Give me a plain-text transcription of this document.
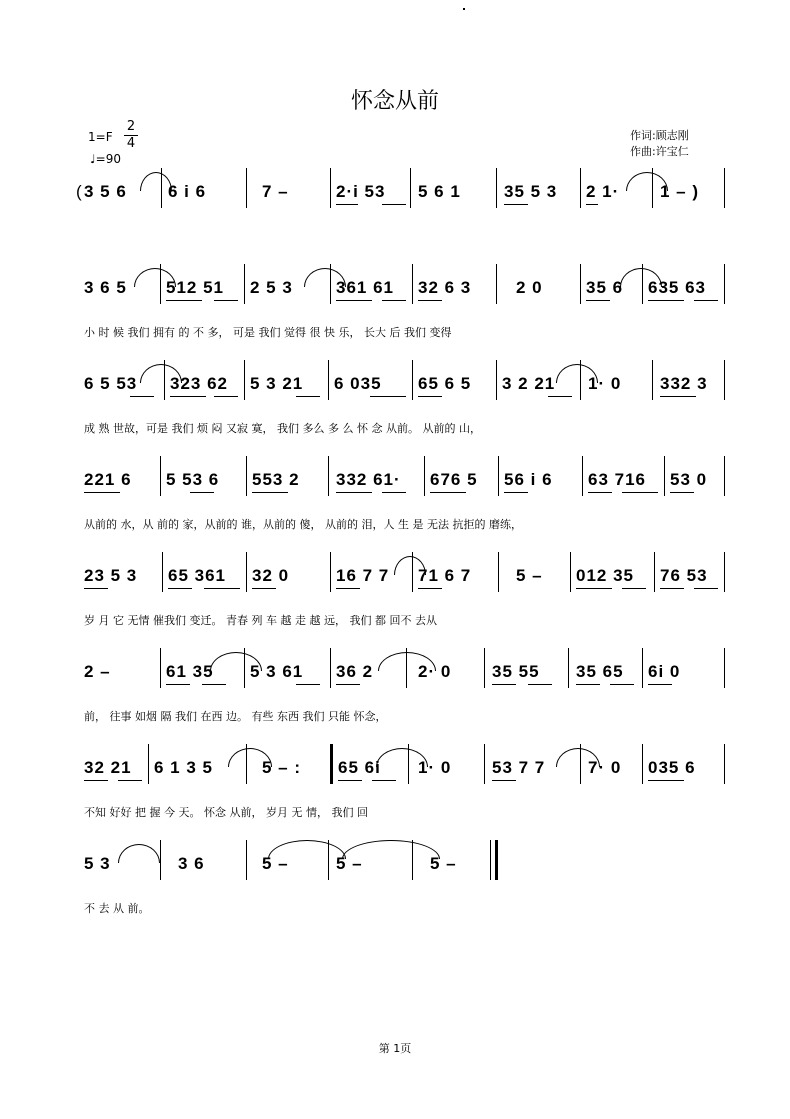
怀念从前
1=F
2
4
♩=90
作词:顾志刚
作曲:许宝仁
( 3 5 6 6 i 6	7 –	2·i 53 5 6 1	35 5 3 2 1· 1 – )
3 6 5 512 51 2 5 3	361 61 32 6 3	2 0	35 6 635 63
小 时 候 我们 拥有 的 不 多， 可是 我们 觉得 很 快 乐， 长大 后 我们 变得
6 5 53 323 62 5 3 21 6 035 65 6 5 3 2 21 1· 0 332 3
成 熟 世故，可是 我们 烦 闷 又寂 寞， 我们 多么 多 么 怀 念 从前。 从前的 山，
221 6 5 53 6 553 2 332 61· 676 5 56 i 6 63 716 53 0
从前的 水，从 前的 家，从前的 谁，从前的 傻， 从前的 泪，人 生 是 无法 抗拒的 磨练，
23 5 3 65 361 32 0	16 7 7 71 6 7	5 – 012 35 76 53
岁 月 它 无情 催我们 变迁。 青春 列 车 越 走 越 远， 我们 都 回不 去从
2 –	61 35 5 3 61 36 2	2· 0 35 55 35 65 6i 0
前， 往事 如烟 隔 我们 在西 边。 有些 东西 我们 只能 怀念，
32 21 6 1 3 5	5 – : 65 6i 1· 0 53 7 7	7· 0 035 6
不知 好好 把 握 今 天。 怀念 从前， 岁月 无 情， 我们 回
5 3	3 6	5 –	5 –	5 –
不 去 从 前。
第 1页
